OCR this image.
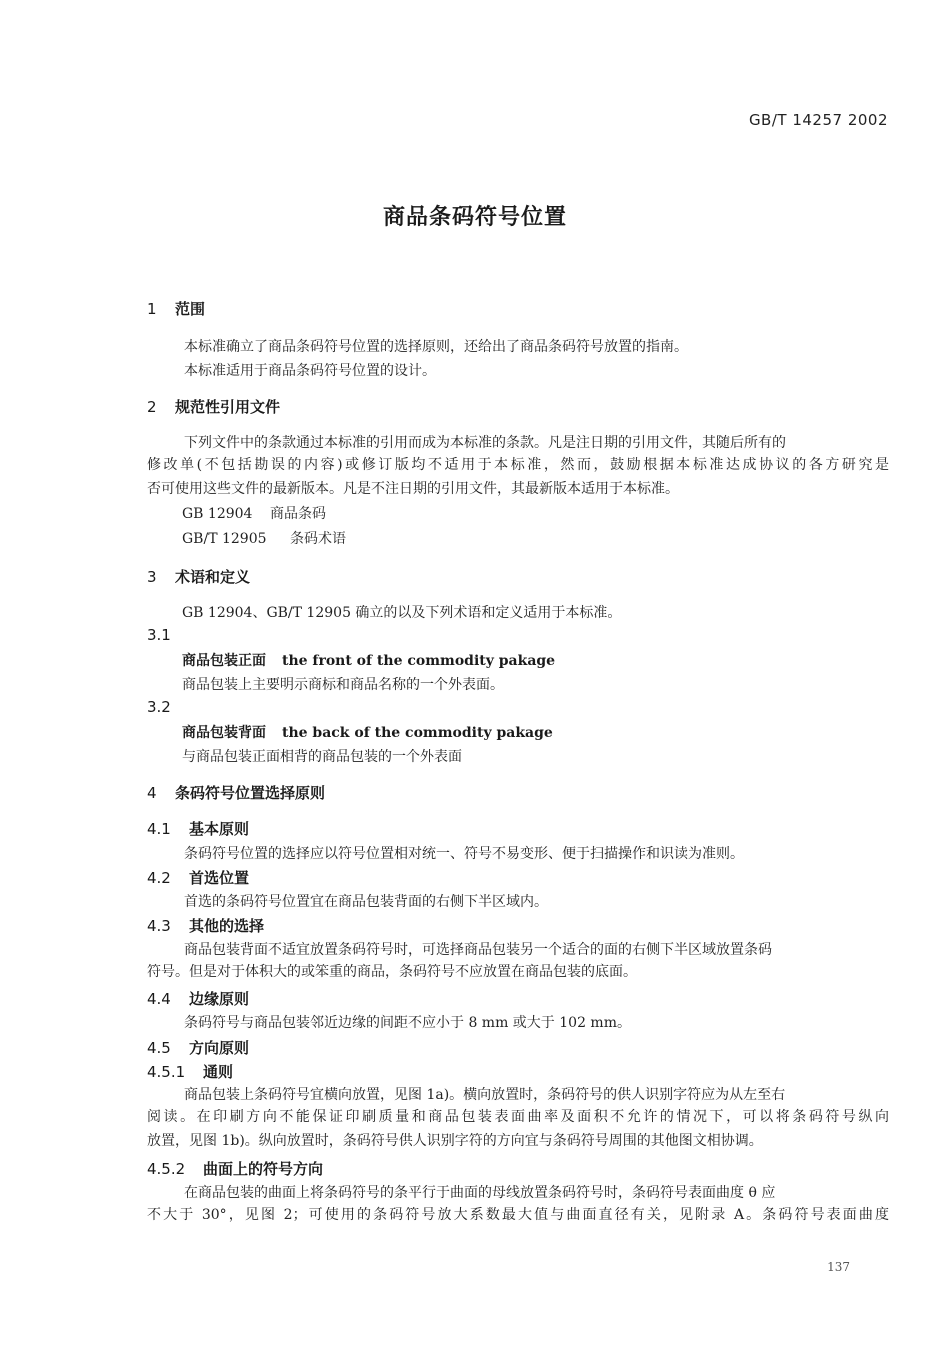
GB/T 14257 2002
商品条码符号位置
1 范围
本标准确立了商品条码符号位置的选择原则，还给出了商品条码符号放置的指南。
本标准适用于商品条码符号位置的设计。
2 规范性引用文件
下列文件中的条款通过本标准的引用而成为本标准的条款。凡是注日期的引用文件，其随后所有的
修改单(不包括勘误的内容)或修订版均不适用于本标准，然而，鼓励根据本标准达成协议的各方研究是
否可使用这些文件的最新版本。凡是不注日期的引用文件，其最新版本适用于本标准。
GB 12904 商品条码
GB/T 12905 条码术语
3 术语和定义
GB 12904、GB/T 12905 确立的以及下列术语和定义适用于本标准。
3.1
商品包装正面 the front of the commodity pakage
商品包装上主要明示商标和商品名称的一个外表面。
3.2
商品包装背面 the back of the commodity pakage
与商品包装正面相背的商品包装的一个外表面
4 条码符号位置选择原则
4.1 基本原则
条码符号位置的选择应以符号位置相对统一、符号不易变形、便于扫描操作和识读为准则。
4.2 首选位置
首选的条码符号位置宜在商品包装背面的右侧下半区域内。
4.3 其他的选择
商品包装背面不适宜放置条码符号时，可选择商品包装另一个适合的面的右侧下半区域放置条码
符号。但是对于体积大的或笨重的商品，条码符号不应放置在商品包装的底面。
4.4 边缘原则
条码符号与商品包装邻近边缘的间距不应小于 8 mm 或大于 102 mm。
4.5 方向原则
4.5.1 通则
商品包装上条码符号宜横向放置，见图 1a)。横向放置时，条码符号的供人识别字符应为从左至右
阅读。在印刷方向不能保证印刷质量和商品包装表面曲率及面积不允许的情况下，可以将条码符号纵向
放置，见图 1b)。纵向放置时，条码符号供人识别字符的方向宜与条码符号周围的其他图文相协调。
4.5.2 曲面上的符号方向
在商品包装的曲面上将条码符号的条平行于曲面的母线放置条码符号时，条码符号表面曲度 θ 应
不大于 30°，见图 2；可使用的条码符号放大系数最大值与曲面直径有关，见附录 A。条码符号表面曲度
137
